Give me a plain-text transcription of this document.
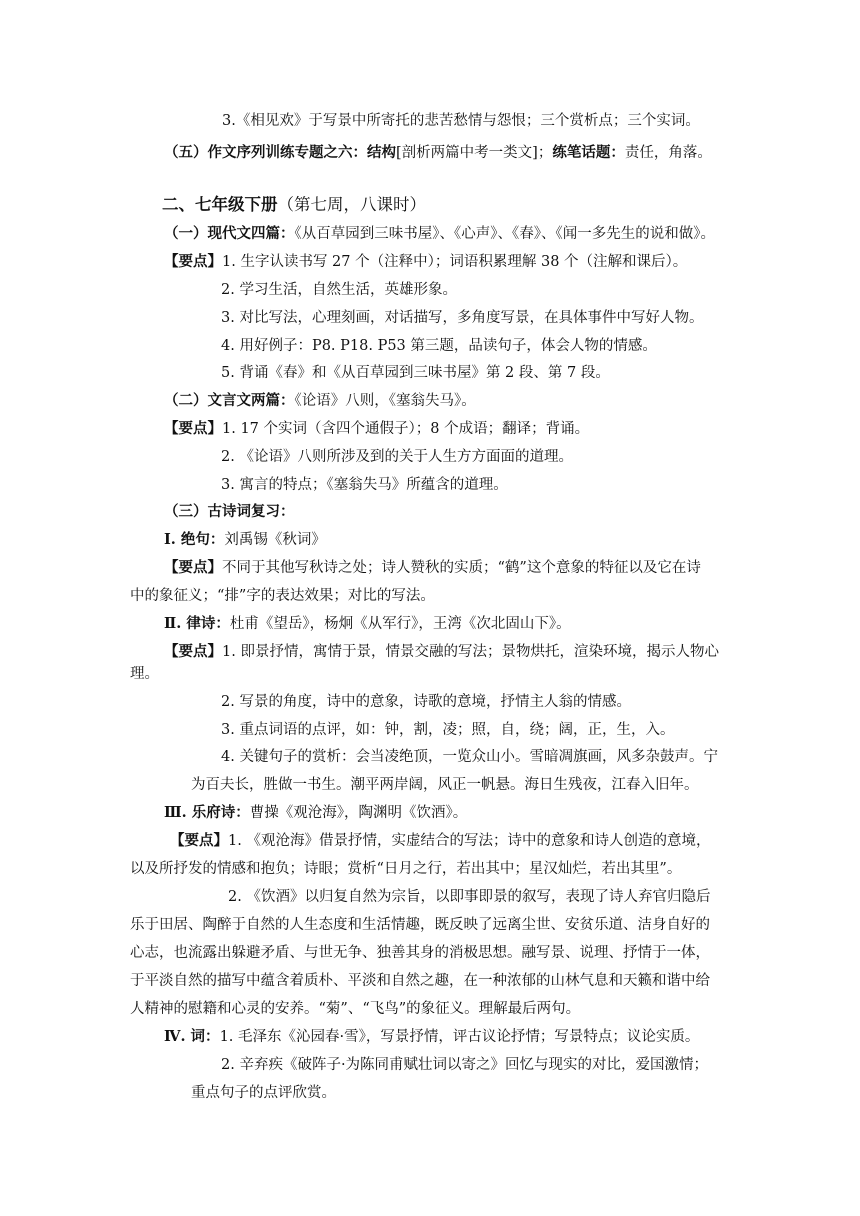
3.《相见欢》于写景中所寄托的悲苦愁情与怨恨；三个赏析点；三个实词。
（五）作文序列训练专题之六：结构[剖析两篇中考一类文]；练笔话题：责任，角落。
二、七年级下册（第七周，八课时）
（一）现代文四篇：《从百草园到三味书屋》、《心声》、《春》、《闻一多先生的说和做》。
【要点】1. 生字认读书写 27 个（注释中）；词语积累理解 38 个（注解和课后）。
2. 学习生活，自然生活，英雄形象。
3. 对比写法，心理刻画，对话描写，多角度写景，在具体事件中写好人物。
4. 用好例子：P8. P18. P53 第三题，品读句子，体会人物的情感。
5. 背诵《春》和《从百草园到三味书屋》第 2 段、第 7 段。
（二）文言文两篇：《论语》八则，《塞翁失马》。
【要点】1. 17 个实词（含四个通假子）；8 个成语；翻译；背诵。
2. 《论语》八则所涉及到的关于人生方方面面的道理。
3. 寓言的特点；《塞翁失马》所蕴含的道理。
（三）古诗词复习：
Ⅰ. 绝句：刘禹锡《秋词》
【要点】不同于其他写秋诗之处；诗人赞秋的实质；“鹤”这个意象的特征以及它在诗
中的象征义；“排”字的表达效果；对比的写法。
Ⅱ. 律诗：杜甫《望岳》，杨炯《从军行》，王湾《次北固山下》。
【要点】1. 即景抒情，寓情于景，情景交融的写法；景物烘托，渲染环境，揭示人物心
理。
2. 写景的角度，诗中的意象，诗歌的意境，抒情主人翁的情感。
3. 重点词语的点评，如：钟，割，凌；照，自，绕；阔，正，生，入。
4. 关键句子的赏析：会当凌绝顶，一览众山小。雪暗凋旗画，风多杂鼓声。宁
为百夫长，胜做一书生。潮平两岸阔，风正一帆悬。海日生残夜，江春入旧年。
Ⅲ. 乐府诗：曹操《观沧海》，陶渊明《饮酒》。
【要点】1. 《观沧海》借景抒情，实虚结合的写法；诗中的意象和诗人创造的意境，
以及所抒发的情感和抱负；诗眼；赏析“日月之行，若出其中；星汉灿烂，若出其里”。
2. 《饮酒》以归复自然为宗旨，以即事即景的叙写，表现了诗人弃官归隐后
乐于田居、陶醉于自然的人生态度和生活情趣，既反映了远离尘世、安贫乐道、洁身自好的
心志，也流露出躲避矛盾、与世无争、独善其身的消极思想。融写景、说理、抒情于一体，
于平淡自然的描写中蕴含着质朴、平淡和自然之趣，在一种浓郁的山林气息和天籁和谐中给
人精神的慰籍和心灵的安养。“菊”、“飞鸟”的象征义。理解最后两句。
Ⅳ. 词：1. 毛泽东《沁园春·雪》，写景抒情，评古议论抒情；写景特点；议论实质。
2. 辛弃疾《破阵子·为陈同甫赋壮词以寄之》回忆与现实的对比，爱国激情；
重点句子的点评欣赏。
